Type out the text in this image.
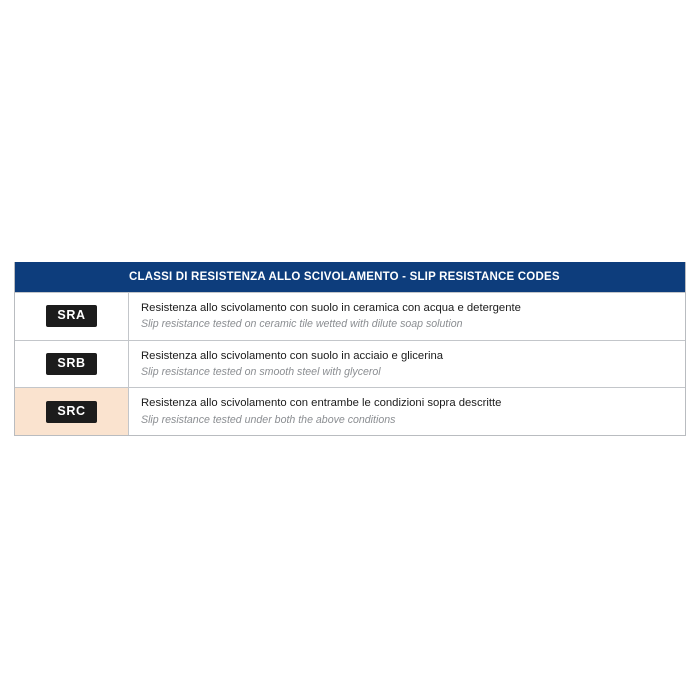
CLASSI DI RESISTENZA ALLO SCIVOLAMENTO - SLIP RESISTANCE CODES
SRA
Resistenza allo scivolamento con suolo in ceramica con acqua e detergente
Slip resistance tested on ceramic tile wetted with dilute soap solution
SRB
Resistenza allo scivolamento con suolo in acciaio e glicerina
Slip resistance tested on smooth steel with glycerol
SRC
Resistenza allo scivolamento con entrambe le condizioni sopra descritte
Slip resistance tested under both the above conditions
